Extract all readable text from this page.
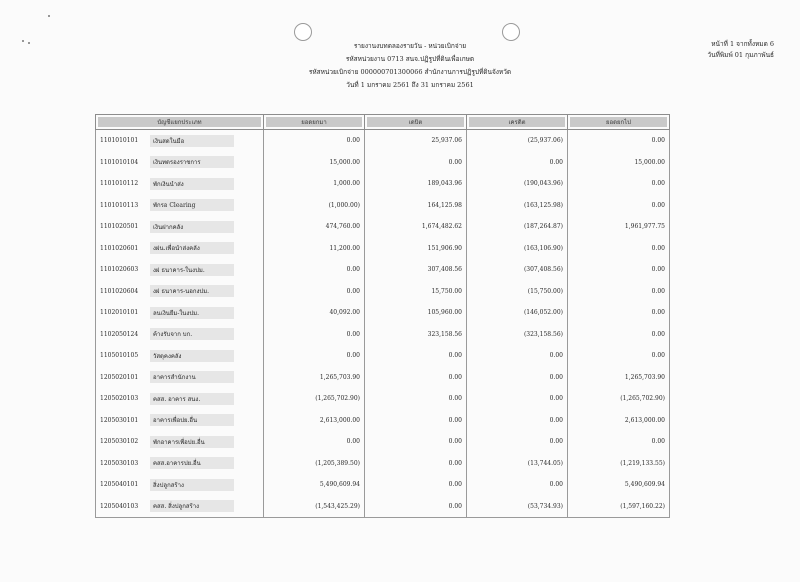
รายงานงบทดลองรายวัน - หน่วยเบิกจ่าย
รหัสหน่วยงาน 0713 สนจ.ปฏิรูปที่ดินเพื่อเกษต
รหัสหน่วยเบิกจ่าย 000000701300066 สำนักงานการปฏิรูปที่ดินจังหวัด
วันที่ 1 มกราคม 2561 ถึง 31 มกราคม 2561
หน้าที่ 1 จากทั้งหมด 6
วันที่พิมพ์ 01 กุมภาพันธ์
บัญชีแยกประเภท	ยอดยกมา	เดบิต	เครดิต	ยอดยกไป

1101010101 เงินสดในมือ	0.00	25,937.06	(25,937.06)	0.00

1101010104 เงินทดรองราชการ	15,000.00	0.00	0.00	15,000.00

1101010112 พักเงินนำส่ง	1,000.00	189,043.96	(190,043.96)	0.00

1101010113 พักรอ Clearing	(1,000.00)	164,125.98	(163,125.98)	0.00

1101020501 เงินฝากคลัง	474,760.00	1,674,482.62	(187,264.87)	1,961,977.75

1101020601 งฝน.เพื่อนำส่งคลัง	11,200.00	151,906.90	(163,106.90)	0.00

1101020603 งฝ ธนาคาร-ในงปม.	0.00	307,408.56	(307,408.56)	0.00

1101020604 งฝ ธนาคาร-นอกงปม.	0.00	15,750.00	(15,750.00)	0.00

1102010101 ลนเงินยืม-ในงปม.	40,092.00	105,960.00	(146,052.00)	0.00

1102050124 ค้างรับจาก บก.	0.00	323,158.56	(323,158.56)	0.00

1105010105 วัสดุคงคลัง	0.00	0.00	0.00	0.00

1205020101 อาคารสำนักงาน	1,265,703.90	0.00	0.00	1,265,703.90

1205020103 คสส. อาคาร สนง.	(1,265,702.90)	0.00	0.00	(1,265,702.90)

1205030101 อาคารเพื่อปย.อื่น	2,613,000.00	0.00	0.00	2,613,000.00

1205030102 พักอาคารเพื่อปย.อื่น	0.00	0.00	0.00	0.00

1205030103 คสส.อาคารปย.อื่น	(1,205,389.50)	0.00	(13,744.05)	(1,219,133.55)

1205040101 สิ่งปลูกสร้าง	5,490,609.94	0.00	0.00	5,490,609.94

1205040103 คสส. สิ่งปลูกสร้าง	(1,543,425.29)	0.00	(53,734.93)	(1,597,160.22)
